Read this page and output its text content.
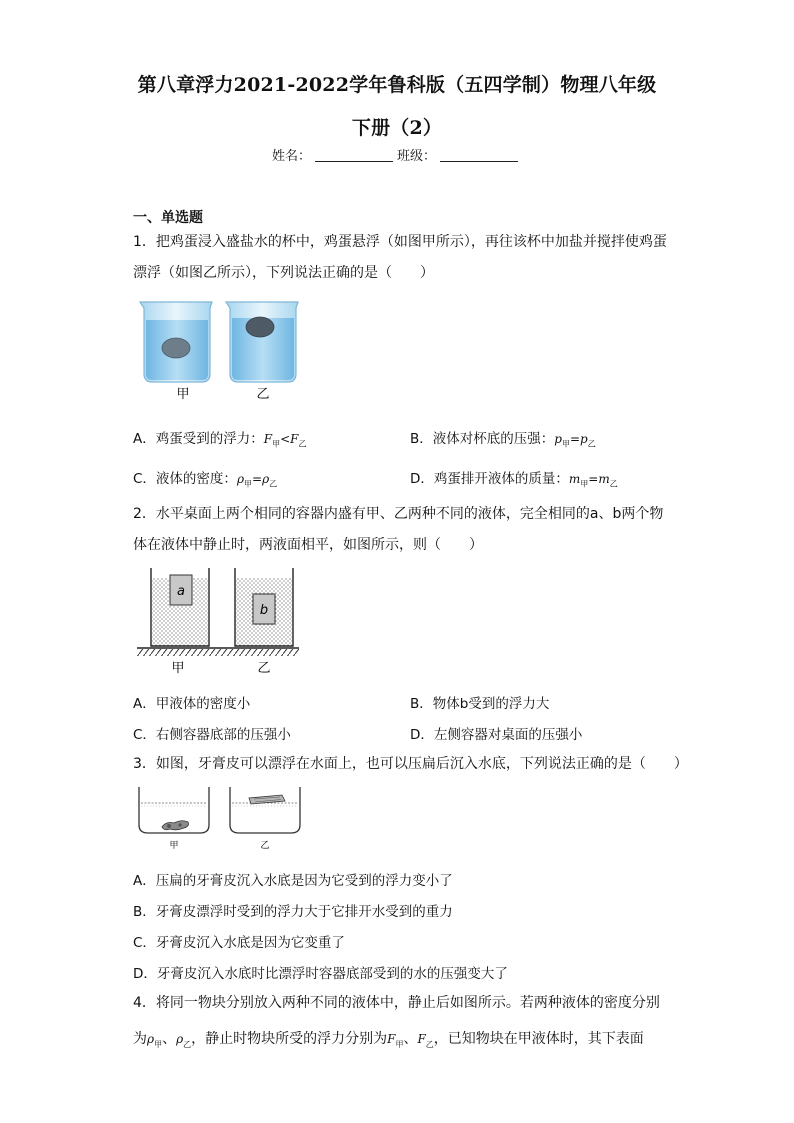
第八章浮力2021-2022学年鲁科版（五四学制）物理八年级
下册（2）
姓名：	班级：
一、单选题
1．把鸡蛋浸入盛盐水的杯中，鸡蛋悬浮（如图甲所示），再往该杯中加盐并搅拌使鸡蛋
漂浮（如图乙所示），下列说法正确的是（　　）
甲	乙
A．鸡蛋受到的浮力：$F_甲<F_乙$	B．液体对杯底的压强：$p_甲=p_乙$
C．液体的密度：$\rho_甲=\rho_乙$	D．鸡蛋排开液体的质量：$m_甲=m_乙$
2．水平桌面上两个相同的容器内盛有甲、乙两种不同的液体，完全相同的a、b两个物
体在液体中静止时，两液面相平，如图所示，则（　　）
a
b
甲	乙
A．甲液体的密度小	B．物体b受到的浮力大
C．右侧容器底部的压强小	D．左侧容器对桌面的压强小
3．如图，牙膏皮可以漂浮在水面上，也可以压扁后沉入水底，下列说法正确的是（　　）
甲	乙
A．压扁的牙膏皮沉入水底是因为它受到的浮力变小了
B．牙膏皮漂浮时受到的浮力大于它排开水受到的重力
C．牙膏皮沉入水底是因为它变重了
D．牙膏皮沉入水底时比漂浮时容器底部受到的水的压强变大了
4．将同一物块分别放入两种不同的液体中，静止后如图所示。若两种液体的密度分别
为$\rho_甲$、$\rho_乙$，静止时物块所受的浮力分别为$F_甲$、$F_乙$，已知物块在甲液体时，其下表面
